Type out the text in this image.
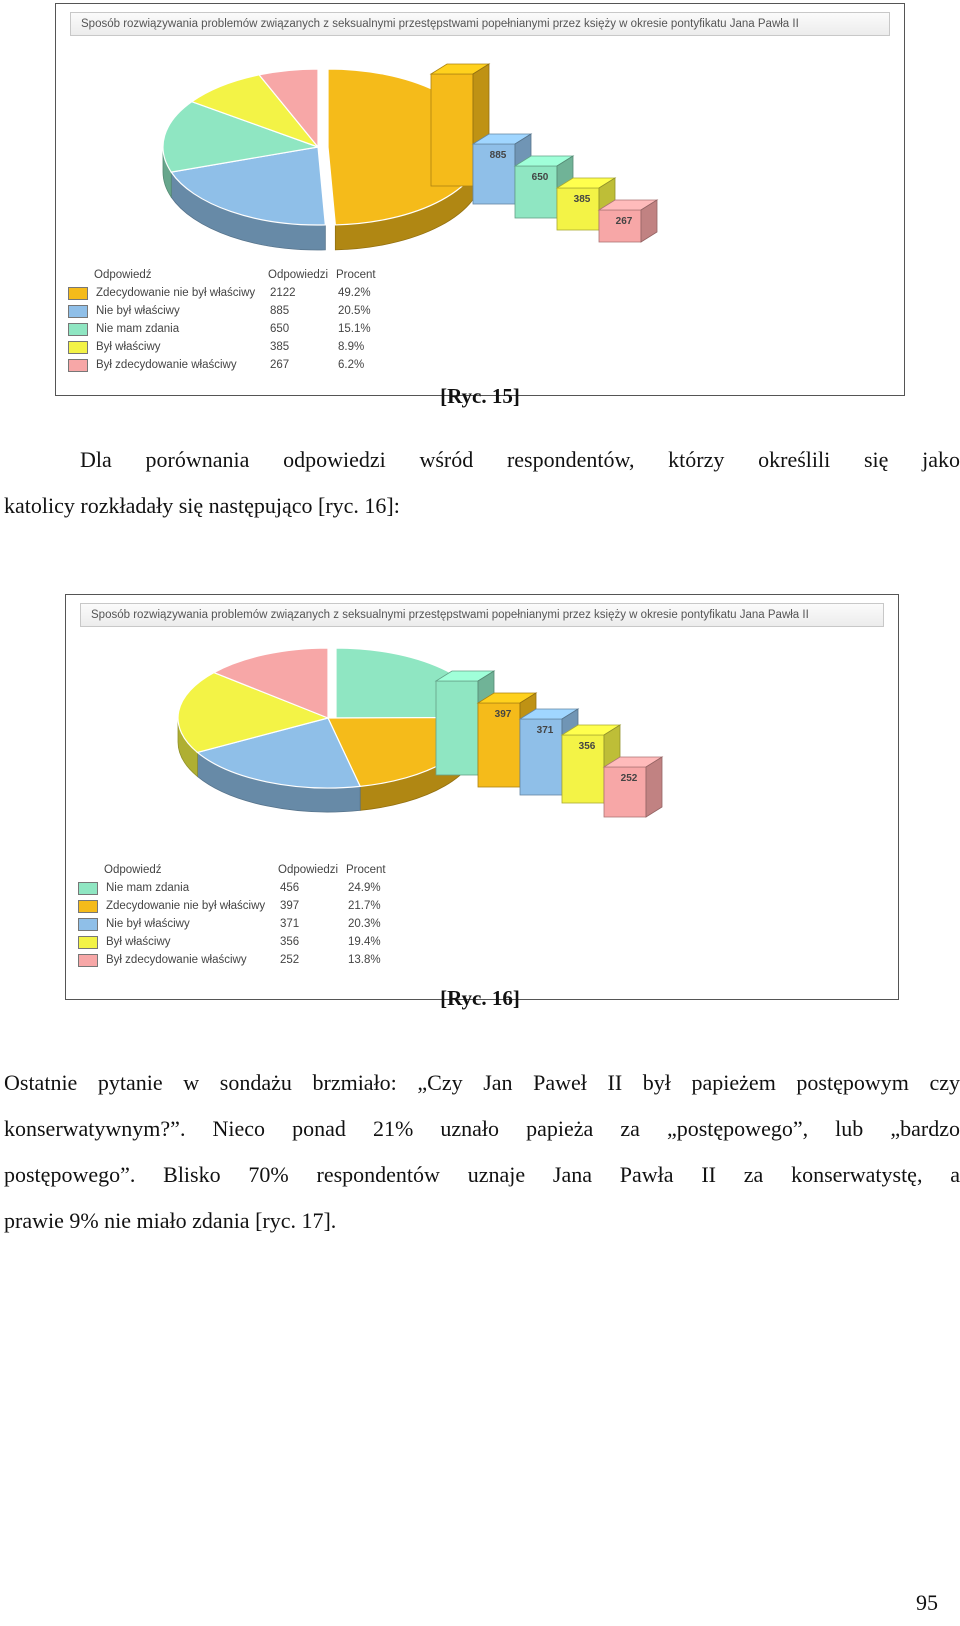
Sposób rozwiązywania problemów związanych z seksualnymi przestępstwami popełnianymi przez księży w okresie pontyfikatu Jana Pawła II
885
650
385
267
Odpowiedź	Odpowiedzi Procent
Zdecydowanie nie był właściwy	2122	49.2%
Nie był właściwy	885	20.5%
Nie mam zdania	650	15.1%
Był właściwy	385	8.9%
Był zdecydowanie właściwy	267	6.2%
[Ryc. 15]
Dla porównania odpowiedzi wśród respondentów, którzy określili się jako
katolicy rozkładały się następująco [ryc. 16]:
Sposób rozwiązywania problemów związanych z seksualnymi przestępstwami popełnianymi przez księży w okresie pontyfikatu Jana Pawła II
397
371
356
252
Odpowiedź	Odpowiedzi Procent
Nie mam zdania	456	24.9%
Zdecydowanie nie był właściwy	397	21.7%
Nie był właściwy	371	20.3%
Był właściwy	356	19.4%
Był zdecydowanie właściwy	252	13.8%
[Ryc. 16]
Ostatnie pytanie w sondażu brzmiało: „Czy Jan Paweł II był papieżem postępowym czy
konserwatywnym?”. Nieco ponad 21% uznało papieża za „postępowego”, lub „bardzo
postępowego”. Blisko 70% respondentów uznaje Jana Pawła II za konserwatystę, a
prawie 9% nie miało zdania [ryc. 17].
95
